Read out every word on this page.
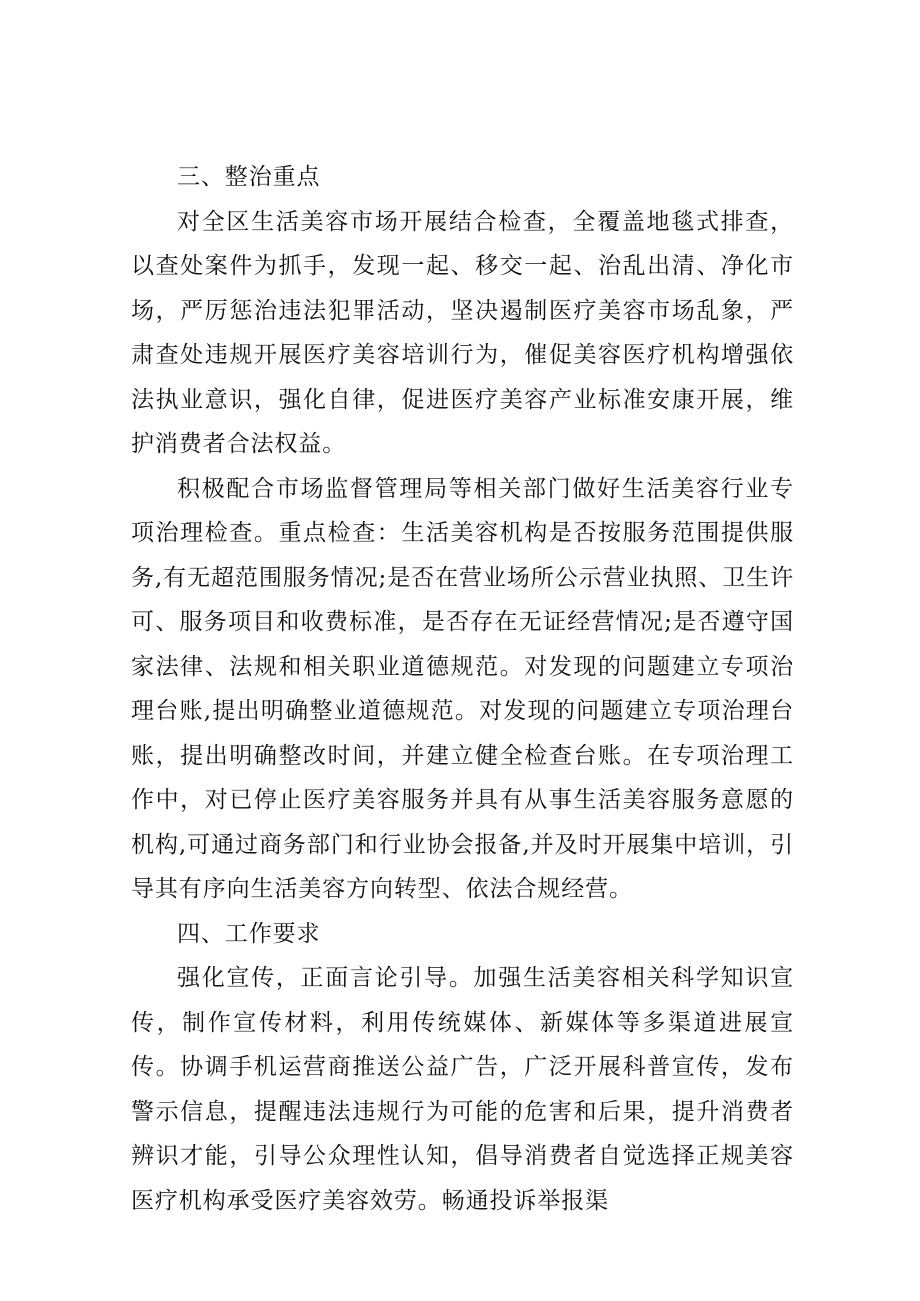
三、整治重点

对全区生活美容市场开展结合检查，全覆盖地毯式排查，以查处案件为抓手，发现一起、移交一起、治乱出清、净化市场，严厉惩治违法犯罪活动，坚决遏制医疗美容市场乱象，严肃查处违规开展医疗美容培训行为，催促美容医疗机构增强依法执业意识，强化自律，促进医疗美容产业标准安康开展，维护消费者合法权益。

积极配合市场监督管理局等相关部门做好生活美容行业专项治理检查。重点检查：生活美容机构是否按服务范围提供服务,有无超范围服务情况;是否在营业场所公示营业执照、卫生许可、服务项目和收费标准，是否存在无证经营情况;是否遵守国家法律、法规和相关职业道德规范。对发现的问题建立专项治理台账,提出明确整业道德规范。对发现的问题建立专项治理台账，提出明确整改时间，并建立健全检查台账。在专项治理工作中，对已停止医疗美容服务并具有从事生活美容服务意愿的机构,可通过商务部门和行业协会报备,并及时开展集中培训，引导其有序向生活美容方向转型、依法合规经营。

四、工作要求

强化宣传，正面言论引导。加强生活美容相关科学知识宣传，制作宣传材料，利用传统媒体、新媒体等多渠道进展宣传。协调手机运营商推送公益广告，广泛开展科普宣传，发布警示信息，提醒违法违规行为可能的危害和后果，提升消费者辨识才能，引导公众理性认知，倡导消费者自觉选择正规美容医疗机构承受医疗美容效劳。畅通投诉举报渠
